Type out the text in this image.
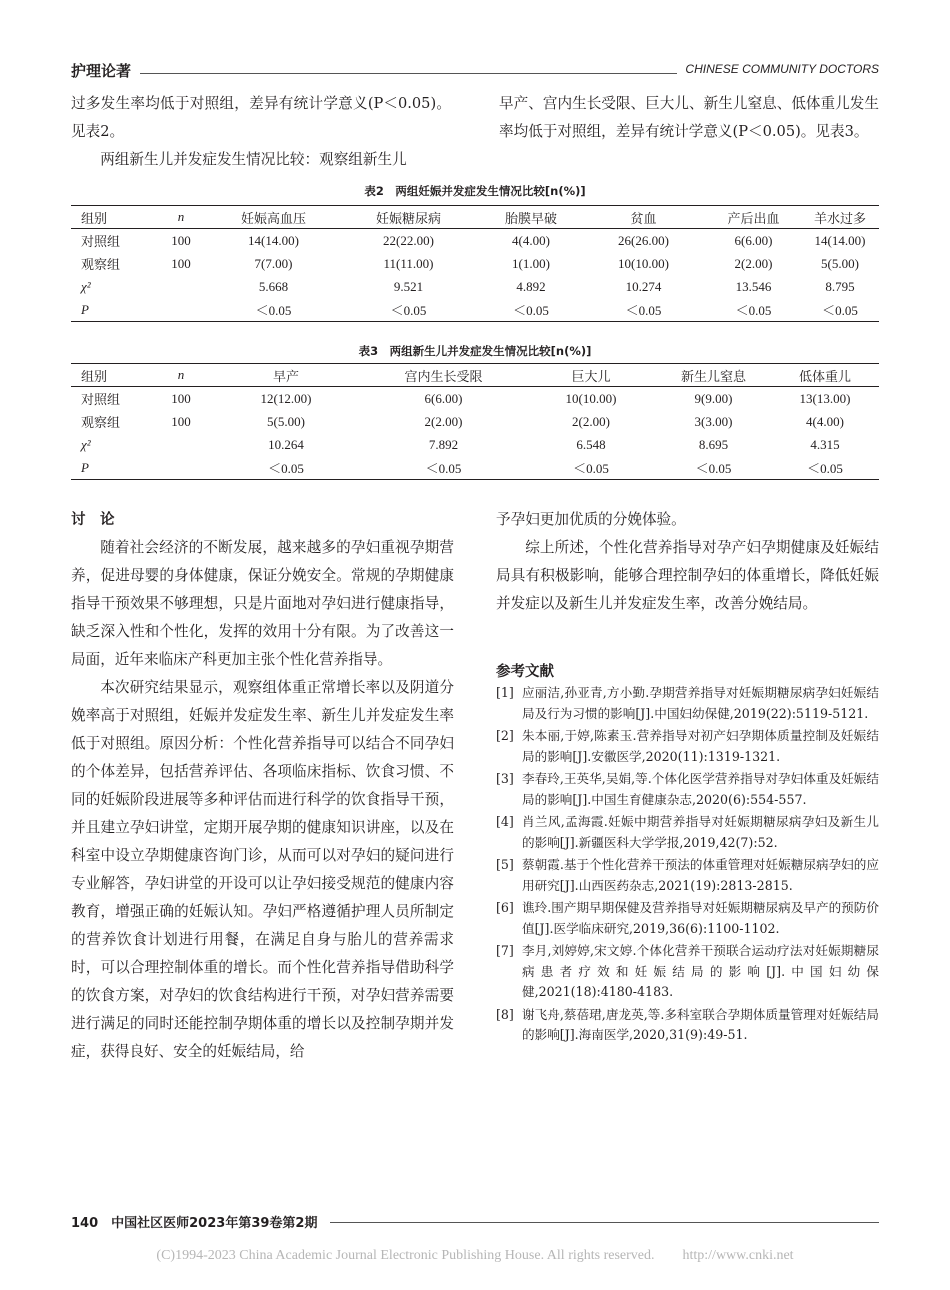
护理论著	CHINESE COMMUNITY DOCTORS

过多发生率均低于对照组，差异有统计学意义(P＜0.05)。见表2。

两组新生儿并发症发生情况比较：观察组新生儿

早产、宫内生长受限、巨大儿、新生儿窒息、低体重儿发生率均低于对照组，差异有统计学意义(P＜0.05)。见表3。

表2　两组妊娠并发症发生情况比较[n(%)]
组别	n	妊娠高血压	妊娠糖尿病	胎膜早破	贫血	产后出血	羊水过多
对照组	100	14(14.00)	22(22.00)	4(4.00)	26(26.00)	6(6.00)	14(14.00)
观察组	100	7(7.00)	11(11.00)	1(1.00)	10(10.00)	2(2.00)	5(5.00)
χ²		5.668	9.521	4.892	10.274	13.546	8.795
P		＜0.05	＜0.05	＜0.05	＜0.05	＜0.05	＜0.05
表3　两组新生儿并发症发生情况比较[n(%)]
组别	n	早产	宫内生长受限	巨大儿	新生儿窒息	低体重儿
对照组	100	12(12.00)	6(6.00)	10(10.00)	9(9.00)	13(13.00)
观察组	100	5(5.00)	2(2.00)	2(2.00)	3(3.00)	4(4.00)
χ²		10.264	7.892	6.548	8.695	4.315
P		＜0.05	＜0.05	＜0.05	＜0.05	＜0.05

讨　论

随着社会经济的不断发展，越来越多的孕妇重视孕期营养，促进母婴的身体健康，保证分娩安全。常规的孕期健康指导干预效果不够理想，只是片面地对孕妇进行健康指导，缺乏深入性和个性化，发挥的效用十分有限。为了改善这一局面，近年来临床产科更加主张个性化营养指导。

本次研究结果显示，观察组体重正常增长率以及阴道分娩率高于对照组，妊娠并发症发生率、新生儿并发症发生率低于对照组。原因分析：个性化营养指导可以结合不同孕妇的个体差异，包括营养评估、各项临床指标、饮食习惯、不同的妊娠阶段进展等多种评估而进行科学的饮食指导干预，并且建立孕妇讲堂，定期开展孕期的健康知识讲座，以及在科室中设立孕期健康咨询门诊，从而可以对孕妇的疑问进行专业解答，孕妇讲堂的开设可以让孕妇接受规范的健康内容教育，增强正确的妊娠认知。孕妇严格遵循护理人员所制定的营养饮食计划进行用餐，在满足自身与胎儿的营养需求时，可以合理控制体重的增长。而个性化营养指导借助科学的饮食方案，对孕妇的饮食结构进行干预，对孕妇营养需要进行满足的同时还能控制孕期体重的增长以及控制孕期并发症，获得良好、安全的妊娠结局，给

予孕妇更加优质的分娩体验。

综上所述，个性化营养指导对孕产妇孕期健康及妊娠结局具有积极影响，能够合理控制孕妇的体重增长，降低妊娠并发症以及新生儿并发症发生率，改善分娩结局。

参考文献
[1] 应丽洁,孙亚青,方小勤.孕期营养指导对妊娠期糖尿病孕妇妊娠结局及行为习惯的影响[J].中国妇幼保健,2019(22):5119-5121.
[2] 朱本丽,于婷,陈素玉.营养指导对初产妇孕期体质量控制及妊娠结局的影响[J].安徽医学,2020(11):1319-1321.
[3] 李春玲,王英华,吴娟,等.个体化医学营养指导对孕妇体重及妊娠结局的影响[J].中国生育健康杂志,2020(6):554-557.
[4] 肖兰风,孟海霞.妊娠中期营养指导对妊娠期糖尿病孕妇及新生儿的影响[J].新疆医科大学学报,2019,42(7):52.
[5] 蔡朝霞.基于个性化营养干预法的体重管理对妊娠糖尿病孕妇的应用研究[J].山西医药杂志,2021(19):2813-2815.
[6] 谯玲.围产期早期保健及营养指导对妊娠期糖尿病及早产的预防价值[J].医学临床研究,2019,36(6):1100-1102.
[7] 李月,刘婷婷,宋文婷.个体化营养干预联合运动疗法对妊娠期糖尿病患者疗效和妊娠结局的影响[J].中国妇幼保健,2021(18):4180-4183.
[8] 谢飞舟,蔡蓓珺,唐龙英,等.多科室联合孕期体质量管理对妊娠结局的影响[J].海南医学,2020,31(9):49-51.
140　中国社区医师2023年第39卷第2期
(C)1994-2023 China Academic Journal Electronic Publishing House. All rights reserved.　　http://www.cnki.net
